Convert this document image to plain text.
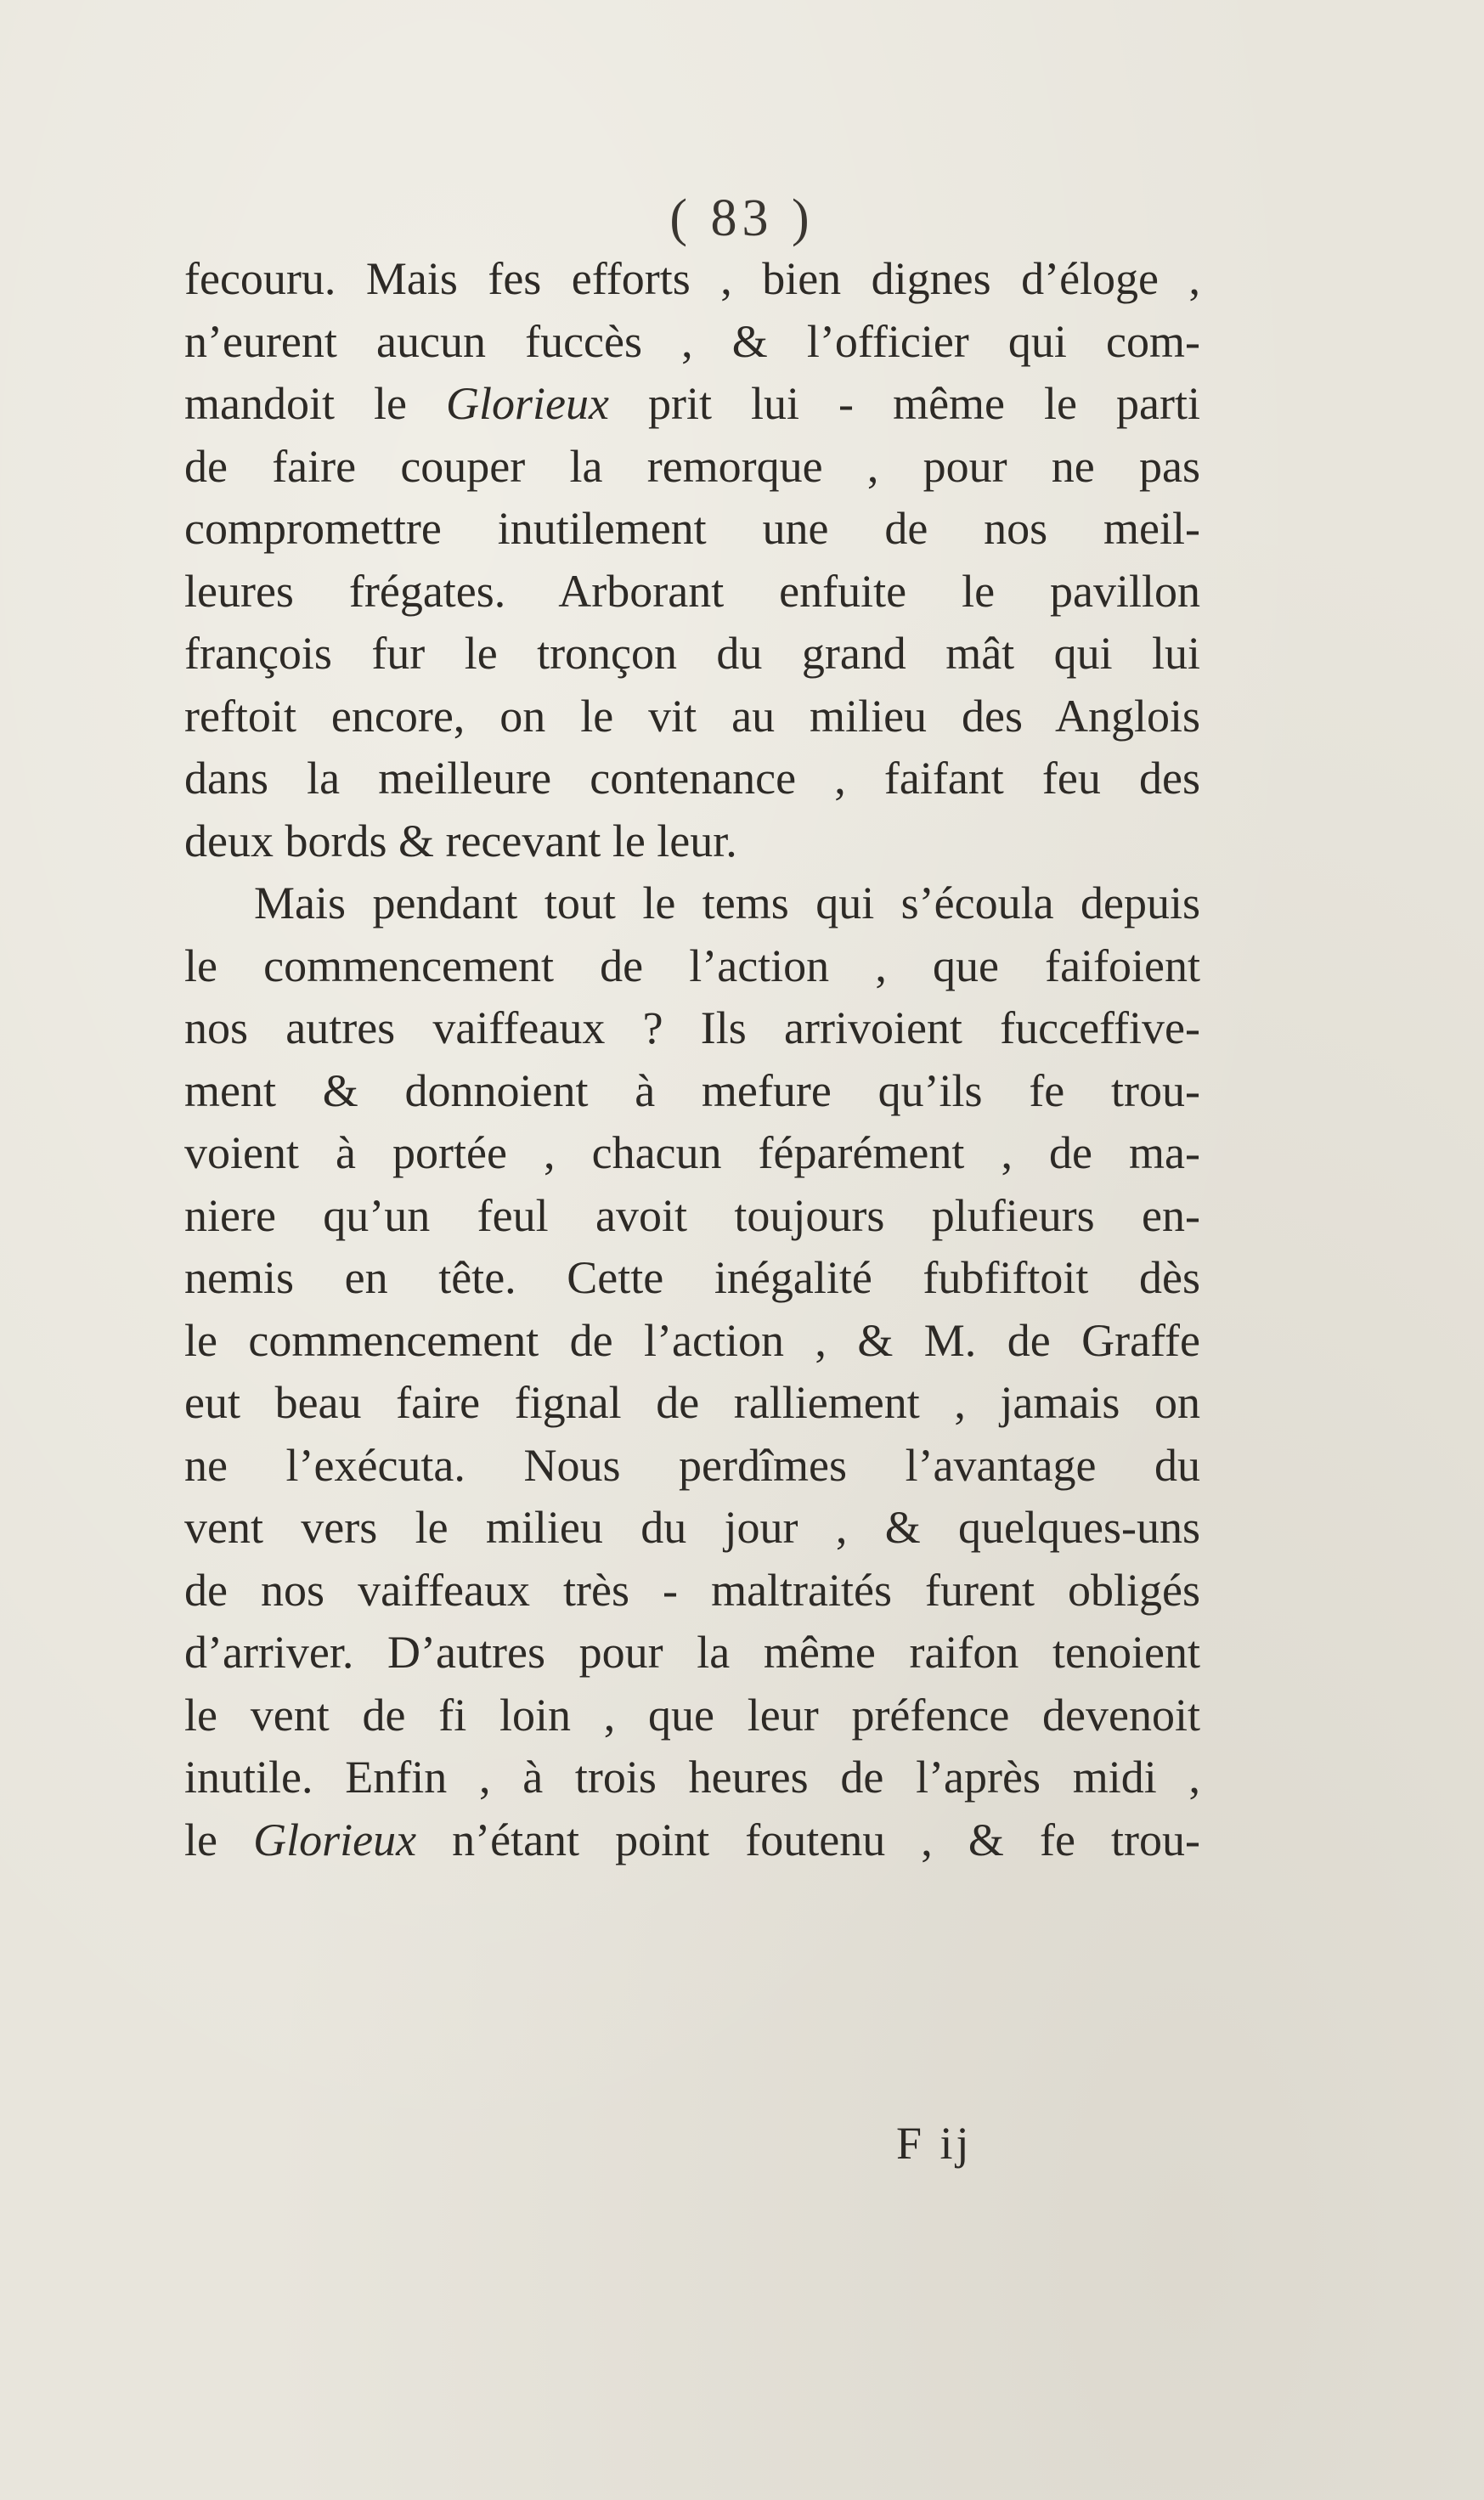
( 83 )
fecouru. Mais fes efforts , bien dignes d’éloge ,
n’eurent aucun fuccès , & l’officier qui com-
mandoit le Glorieux prit lui - même le parti
de faire couper la remorque , pour ne pas
compromettre inutilement une de nos meil-
leures frégates. Arborant enfuite le pavillon
françois fur le tronçon du grand mât qui lui
reftoit encore, on le vit au milieu des Anglois
dans la meilleure contenance , faifant feu des
deux bords & recevant le leur.
Mais pendant tout le tems qui s’écoula depuis
le commencement de l’action , que faifoient
nos autres vaiffeaux ? Ils arrivoient fucceffive-
ment & donnoient à mefure qu’ils fe trou-
voient à portée , chacun féparément , de ma-
niere qu’un feul avoit toujours plufieurs en-
nemis en tête. Cette inégalité fubfiftoit dès
le commencement de l’action , & M. de Graffe
eut beau faire fignal de ralliement , jamais on
ne l’exécuta. Nous perdîmes l’avantage du
vent vers le milieu du jour , & quelques-uns
de nos vaiffeaux très - maltraités furent obligés
d’arriver. D’autres pour la même raifon tenoient
le vent de fi loin , que leur préfence devenoit
inutile. Enfin , à trois heures de l’après midi ,
le Glorieux n’étant point foutenu , & fe trou-
F ij
